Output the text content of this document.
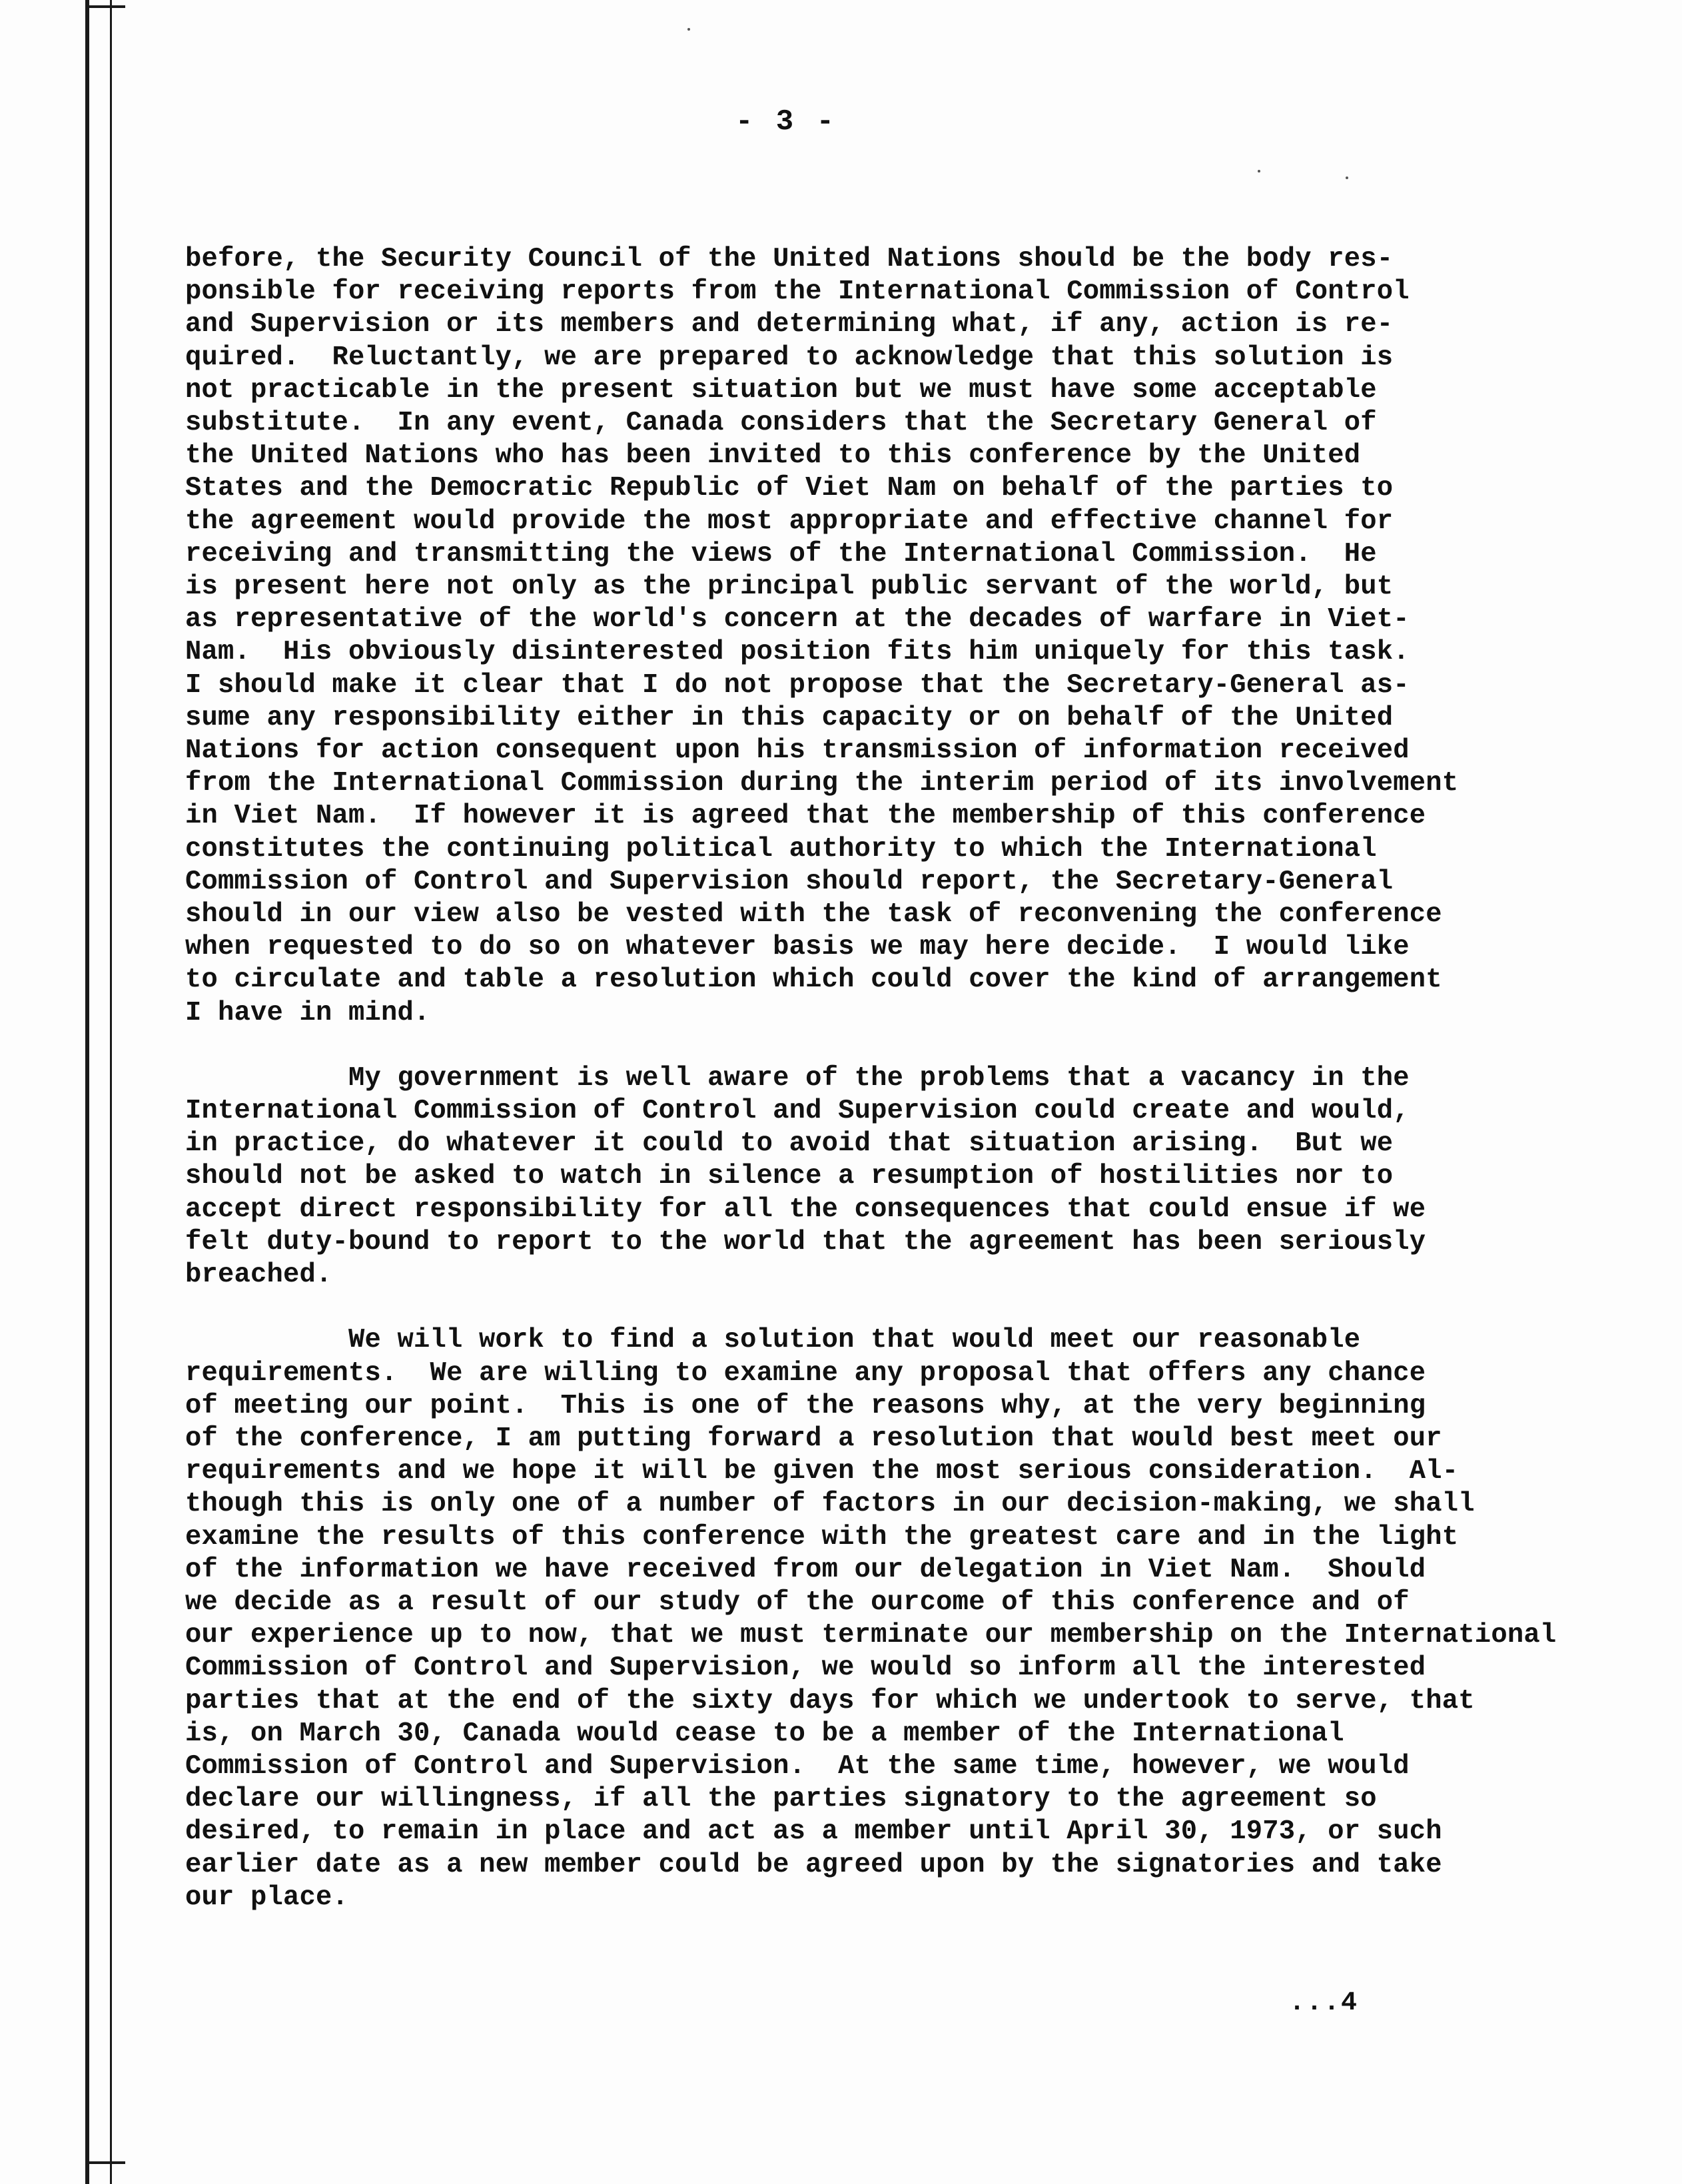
- 3 -
before, the Security Council of the United Nations should be the body res-
ponsible for receiving reports from the International Commission of Control
and Supervision or its members and determining what, if any, action is re-
quired.  Reluctantly, we are prepared to acknowledge that this solution is
not practicable in the present situation but we must have some acceptable
substitute.  In any event, Canada considers that the Secretary General of
the United Nations who has been invited to this conference by the United
States and the Democratic Republic of Viet Nam on behalf of the parties to
the agreement would provide the most appropriate and effective channel for
receiving and transmitting the views of the International Commission.  He
is present here not only as the principal public servant of the world, but
as representative of the world's concern at the decades of warfare in Viet-
Nam.  His obviously disinterested position fits him uniquely for this task.
I should make it clear that I do not propose that the Secretary-General as-
sume any responsibility either in this capacity or on behalf of the United
Nations for action consequent upon his transmission of information received
from the International Commission during the interim period of its involvement
in Viet Nam.  If however it is agreed that the membership of this conference
constitutes the continuing political authority to which the International
Commission of Control and Supervision should report, the Secretary-General
should in our view also be vested with the task of reconvening the conference
when requested to do so on whatever basis we may here decide.  I would like
to circulate and table a resolution which could cover the kind of arrangement
I have in mind.
My government is well aware of the problems that a vacancy in the
International Commission of Control and Supervision could create and would,
in practice, do whatever it could to avoid that situation arising.  But we
should not be asked to watch in silence a resumption of hostilities nor to
accept direct responsibility for all the consequences that could ensue if we
felt duty-bound to report to the world that the agreement has been seriously
breached.
We will work to find a solution that would meet our reasonable
requirements.  We are willing to examine any proposal that offers any chance
of meeting our point.  This is one of the reasons why, at the very beginning
of the conference, I am putting forward a resolution that would best meet our
requirements and we hope it will be given the most serious consideration.  Al-
though this is only one of a number of factors in our decision-making, we shall
examine the results of this conference with the greatest care and in the light
of the information we have received from our delegation in Viet Nam.  Should
we decide as a result of our study of the ourcome of this conference and of
our experience up to now, that we must terminate our membership on the International
Commission of Control and Supervision, we would so inform all the interested
parties that at the end of the sixty days for which we undertook to serve, that
is, on March 30, Canada would cease to be a member of the International
Commission of Control and Supervision.  At the same time, however, we would
declare our willingness, if all the parties signatory to the agreement so
desired, to remain in place and act as a member until April 30, 1973, or such
earlier date as a new member could be agreed upon by the signatories and take
our place.
...4
